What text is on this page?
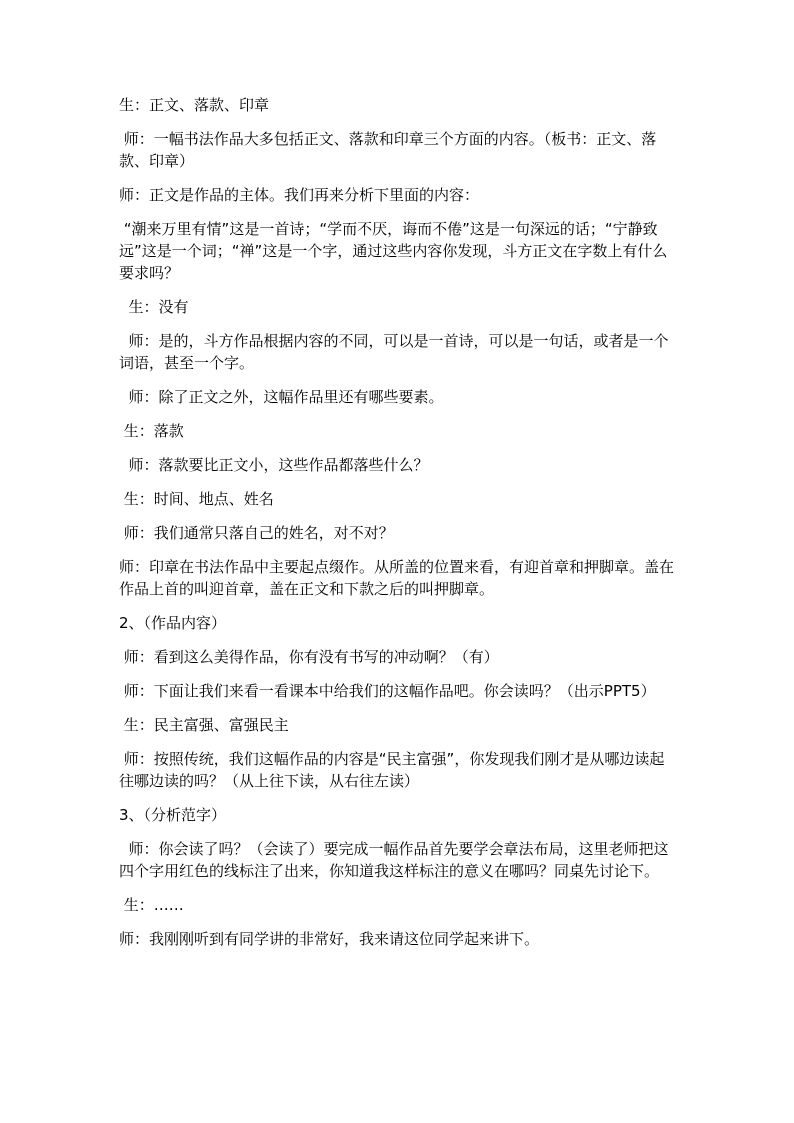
生：正文、落款、印章

师：一幅书法作品大多包括正文、落款和印章三个方面的内容。（板书：正文、落款、印章）

师：正文是作品的主体。我们再来分析下里面的内容：

“潮来万里有情”这是一首诗；“学而不厌，诲而不倦”这是一句深远的话；“宁静致远”这是一个词；“禅”这是一个字，通过这些内容你发现，斗方正文在字数上有什么要求吗？

生：没有

师：是的，斗方作品根据内容的不同，可以是一首诗，可以是一句话，或者是一个词语，甚至一个字。

师：除了正文之外，这幅作品里还有哪些要素。

生：落款

师：落款要比正文小，这些作品都落些什么？

生：时间、地点、姓名

师：我们通常只落自己的姓名，对不对？

师：印章在书法作品中主要起点缀作。从所盖的位置来看，有迎首章和押脚章。盖在作品上首的叫迎首章，盖在正文和下款之后的叫押脚章。

2、（作品内容）

师：看到这么美得作品，你有没有书写的冲动啊？（有）

师：下面让我们来看一看课本中给我们的这幅作品吧。你会读吗？（出示PPT5）

生：民主富强、富强民主

师：按照传统，我们这幅作品的内容是“民主富强”，你发现我们刚才是从哪边读起往哪边读的吗？（从上往下读，从右往左读）

3、（分析范字）

师：你会读了吗？（会读了）要完成一幅作品首先要学会章法布局，这里老师把这四个字用红色的线标注了出来，你知道我这样标注的意义在哪吗？同桌先讨论下。

生：……

师：我刚刚听到有同学讲的非常好，我来请这位同学起来讲下。
